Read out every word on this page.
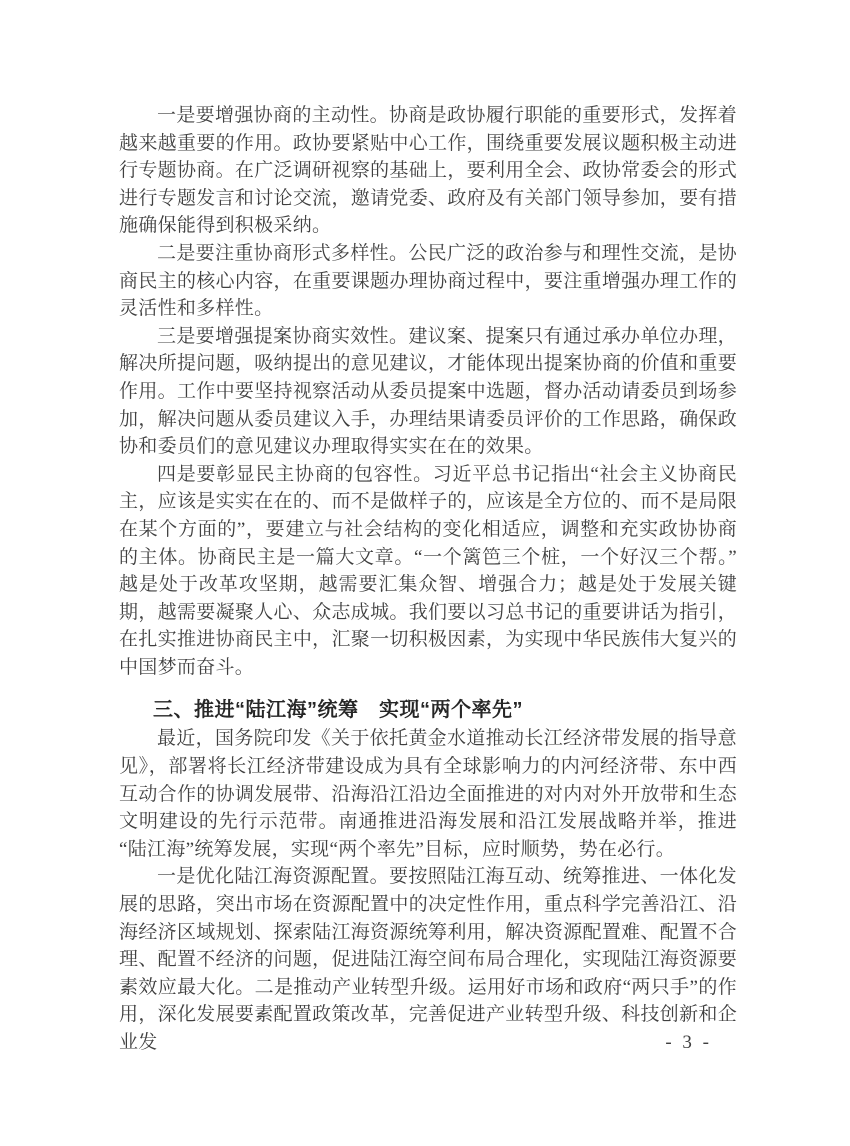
一是要增强协商的主动性。协商是政协履行职能的重要形式，发挥着越来越重要的作用。政协要紧贴中心工作，围绕重要发展议题积极主动进行专题协商。在广泛调研视察的基础上，要利用全会、政协常委会的形式进行专题发言和讨论交流，邀请党委、政府及有关部门领导参加，要有措施确保能得到积极采纳。

二是要注重协商形式多样性。公民广泛的政治参与和理性交流，是协商民主的核心内容，在重要课题办理协商过程中，要注重增强办理工作的灵活性和多样性。

三是要增强提案协商实效性。建议案、提案只有通过承办单位办理，解决所提问题，吸纳提出的意见建议，才能体现出提案协商的价值和重要作用。工作中要坚持视察活动从委员提案中选题，督办活动请委员到场参加，解决问题从委员建议入手，办理结果请委员评价的工作思路，确保政协和委员们的意见建议办理取得实实在在的效果。

四是要彰显民主协商的包容性。习近平总书记指出“社会主义协商民主，应该是实实在在的、而不是做样子的，应该是全方位的、而不是局限在某个方面的”，要建立与社会结构的变化相适应，调整和充实政协协商的主体。协商民主是一篇大文章。“一个篱笆三个桩，一个好汉三个帮。”越是处于改革攻坚期，越需要汇集众智、增强合力；越是处于发展关键期，越需要凝聚人心、众志成城。我们要以习总书记的重要讲话为指引，在扎实推进协商民主中，汇聚一切积极因素，为实现中华民族伟大复兴的中国梦而奋斗。

三、推进“陆江海”统筹　实现“两个率先”

最近，国务院印发《关于依托黄金水道推动长江经济带发展的指导意见》，部署将长江经济带建设成为具有全球影响力的内河经济带、东中西互动合作的协调发展带、沿海沿江沿边全面推进的对内对外开放带和生态文明建设的先行示范带。南通推进沿海发展和沿江发展战略并举，推进“陆江海”统筹发展，实现“两个率先”目标，应时顺势，势在必行。

一是优化陆江海资源配置。要按照陆江海互动、统筹推进、一体化发展的思路，突出市场在资源配置中的决定性作用，重点科学完善沿江、沿海经济区域规划、探索陆江海资源统筹利用，解决资源配置难、配置不合理、配置不经济的问题，促进陆江海空间布局合理化，实现陆江海资源要素效应最大化。二是推动产业转型升级。运用好市场和政府“两只手”的作用，深化发展要素配置政策改革，完善促进产业转型升级、科技创新和企业发	- 3 -
